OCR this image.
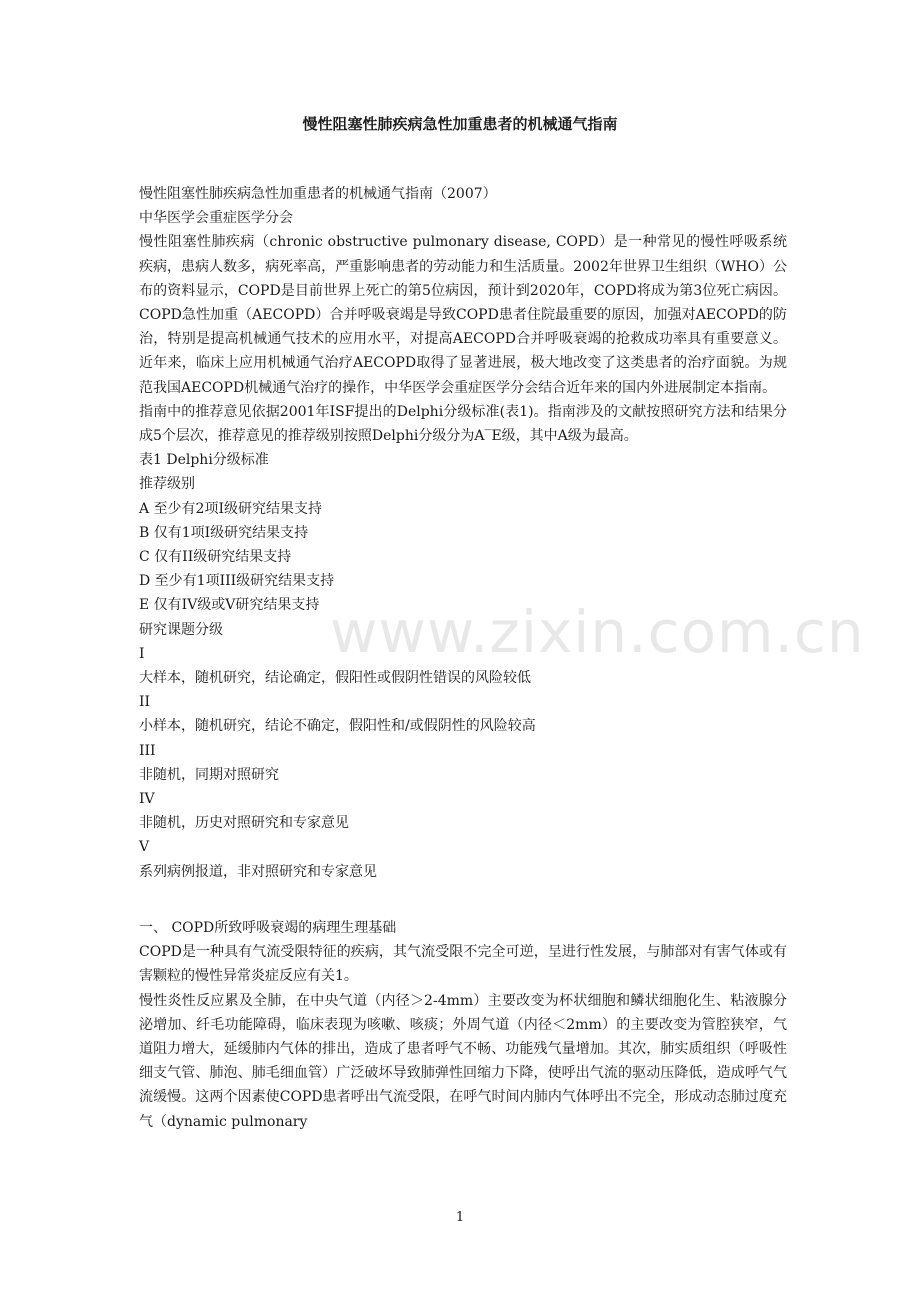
慢性阻塞性肺疾病急性加重患者的机械通气指南

慢性阻塞性肺疾病急性加重患者的机械通气指南（2007）

中华医学会重症医学分会

慢性阻塞性肺疾病（chronic obstructive pulmonary disease, COPD）是一种常见的慢性呼吸系统疾病，患病人数多，病死率高，严重影响患者的劳动能力和生活质量。2002年世界卫生组织（WHO）公布的资料显示，COPD是目前世界上死亡的第5位病因，预计到2020年，COPD将成为第3位死亡病因。COPD急性加重（AECOPD）合并呼吸衰竭是导致COPD患者住院最重要的原因，加强对AECOPD的防治，特别是提高机械通气技术的应用水平，对提高AECOPD合并呼吸衰竭的抢救成功率具有重要意义。近年来，临床上应用机械通气治疗AECOPD取得了显著进展，极大地改变了这类患者的治疗面貌。为规范我国AECOPD机械通气治疗的操作，中华医学会重症医学分会结合近年来的国内外进展制定本指南。

指南中的推荐意见依据2001年ISF提出的Delphi分级标准(表1)。指南涉及的文献按照研究方法和结果分成5个层次，推荐意见的推荐级别按照Delphi分级分为A‾E级，其中A级为最高。

表1 Delphi分级标准

推荐级别

A 至少有2项I级研究结果支持

B 仅有1项I级研究结果支持

C 仅有II级研究结果支持

D 至少有1项III级研究结果支持

E 仅有IV级或V研究结果支持

研究课题分级

I

大样本，随机研究，结论确定，假阳性或假阴性错误的风险较低

II

小样本，随机研究，结论不确定，假阳性和/或假阴性的风险较高

III

非随机，同期对照研究

IV

非随机，历史对照研究和专家意见

V

系列病例报道，非对照研究和专家意见

一、 COPD所致呼吸衰竭的病理生理基础

COPD是一种具有气流受限特征的疾病，其气流受限不完全可逆，呈进行性发展，与肺部对有害气体或有害颗粒的慢性异常炎症反应有关1。

慢性炎性反应累及全肺，在中央气道（内径＞2-4mm）主要改变为杯状细胞和鳞状细胞化生、粘液腺分泌增加、纤毛功能障碍，临床表现为咳嗽、咳痰；外周气道（内径＜2mm）的主要改变为管腔狭窄，气道阻力增大，延缓肺内气体的排出，造成了患者呼气不畅、功能残气量增加。其次，肺实质组织（呼吸性细支气管、肺泡、肺毛细血管）广泛破坏导致肺弹性回缩力下降，使呼出气流的驱动压降低，造成呼气气流缓慢。这两个因素使COPD患者呼出气流受限，在呼气时间内肺内气体呼出不完全，形成动态肺过度充气（dynamic pulmonary

www.zixin.com.cn
1
